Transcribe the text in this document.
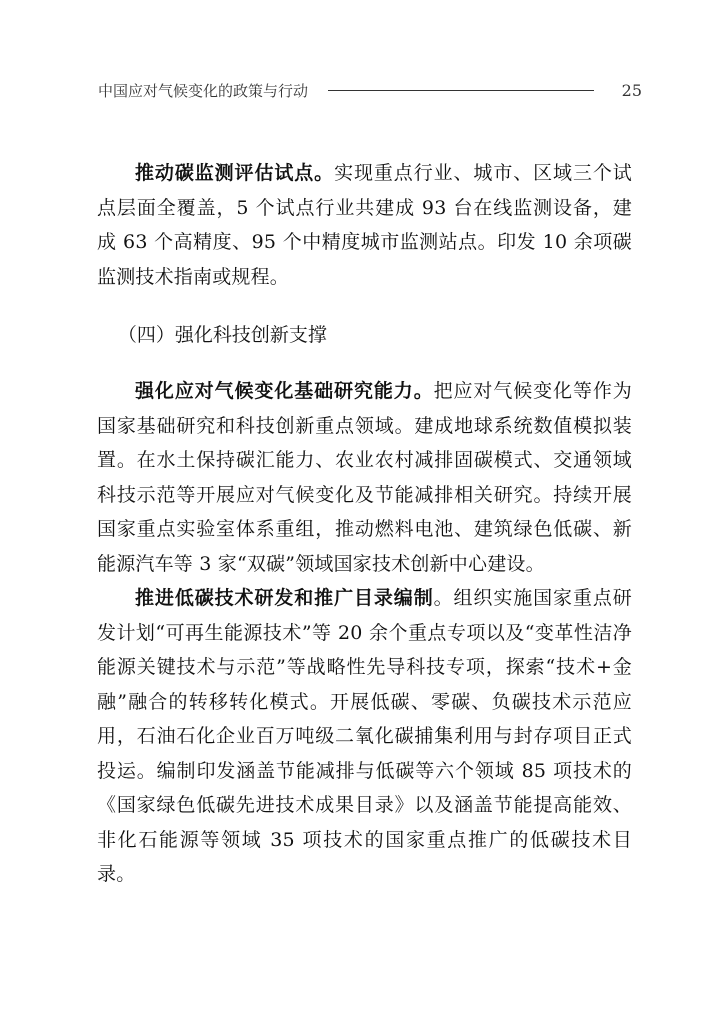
中国应对气候变化的政策与行动	25

推动碳监测评估试点。实现重点行业、城市、区域三个试点层面全覆盖，5 个试点行业共建成 93 台在线监测设备，建成 63 个高精度、95 个中精度城市监测站点。印发 10 余项碳监测技术指南或规程。

（四）强化科技创新支撑

强化应对气候变化基础研究能力。把应对气候变化等作为国家基础研究和科技创新重点领域。建成地球系统数值模拟装置。在水土保持碳汇能力、农业农村减排固碳模式、交通领域科技示范等开展应对气候变化及节能减排相关研究。持续开展国家重点实验室体系重组，推动燃料电池、建筑绿色低碳、新能源汽车等 3 家“双碳”领域国家技术创新中心建设。

推进低碳技术研发和推广目录编制。组织实施国家重点研发计划“可再生能源技术”等 20 余个重点专项以及“变革性洁净能源关键技术与示范”等战略性先导科技专项，探索“技术+金融”融合的转移转化模式。开展低碳、零碳、负碳技术示范应用，石油石化企业百万吨级二氧化碳捕集利用与封存项目正式投运。编制印发涵盖节能减排与低碳等六个领域 85 项技术的《国家绿色低碳先进技术成果目录》以及涵盖节能提高能效、非化石能源等领域 35 项技术的国家重点推广的低碳技术目录。
